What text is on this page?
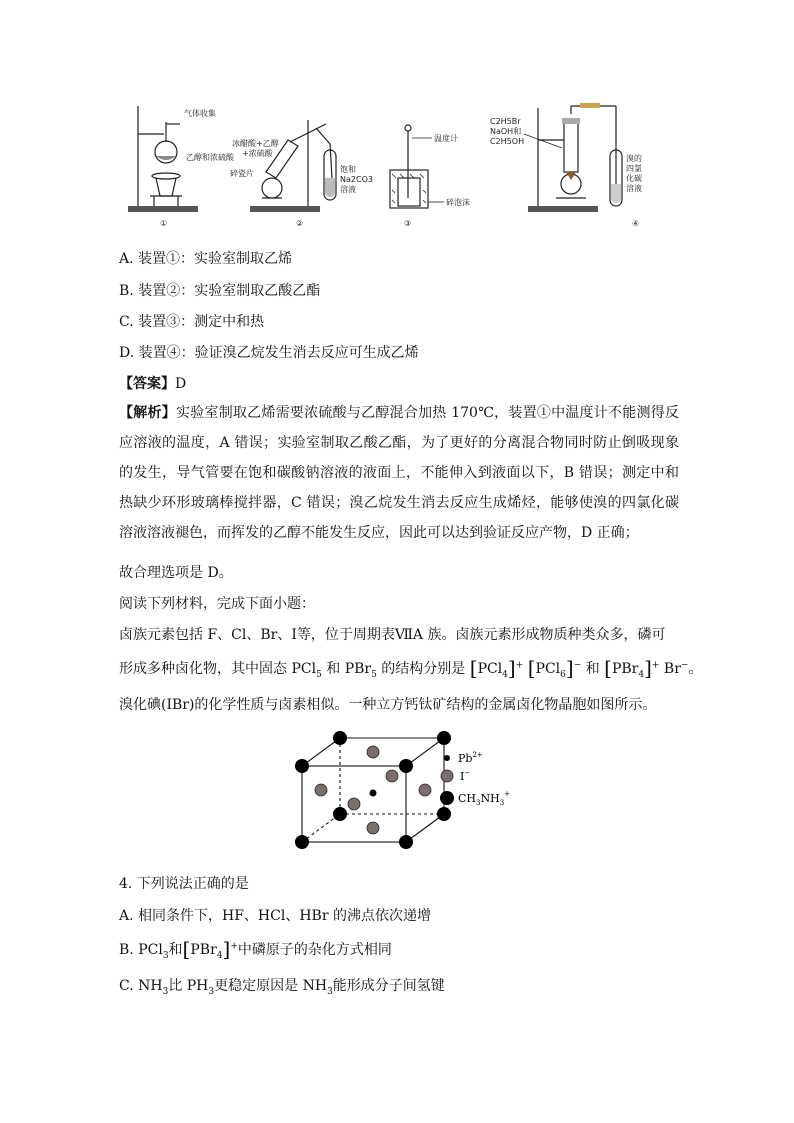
气体收集
乙醇和浓硫酸
①
冰醋酸+乙醇
+浓硫酸
碎瓷片	饱和
Na2CO3
溶液
②
温度计
碎泡沫
③
C2H5Br
NaOH和
C2H5OH
溴的四氯化碳溶液
④
A. 装置①：实验室制取乙烯
B. 装置②：实验室制取乙酸乙酯
C. 装置③：测定中和热
D. 装置④：验证溴乙烷发生消去反应可生成乙烯
【答案】D
【解析】实验室制取乙烯需要浓硫酸与乙醇混合加热 170℃，装置①中温度计不能测得反应溶液的温度，A 错误；实验室制取乙酸乙酯，为了更好的分离混合物同时防止倒吸现象的发生，导气管要在饱和碳酸钠溶液的液面上，不能伸入到液面以下，B 错误；测定中和热缺少环形玻璃棒搅拌器，C 错误；溴乙烷发生消去反应生成烯烃，能够使溴的四氯化碳溶液溶液褪色，而挥发的乙醇不能发生反应，因此可以达到验证反应产物，D 正确；
故合理选项是 D。
阅读下列材料，完成下面小题：
卤族元素包括 F、Cl、Br、I等，位于周期表ⅦA 族。卤族元素形成物质种类众多，磷可
形成多种卤化物，其中固态 PCl$_5$ 和 PBr$_5$ 的结构分别是 [PCl$_4$]+ [PCl$_6$]− 和 [PBr$_4$]+ Br−。
溴化碘(IBr)的化学性质与卤素相似。一种立方钙钛矿结构的金属卤化物晶胞如图所示。
$Pb^{2+}$
I−
$CH_3NH_3^+$
4. 下列说法正确的是
A. 相同条件下，HF、HCl、HBr 的沸点依次递增
B. PCl$_3$和[PBr$_4$]+中磷原子的杂化方式相同
C. $NH_3$比 $PH_3$更稳定原因是 $NH_3$能形成分子间氢键
